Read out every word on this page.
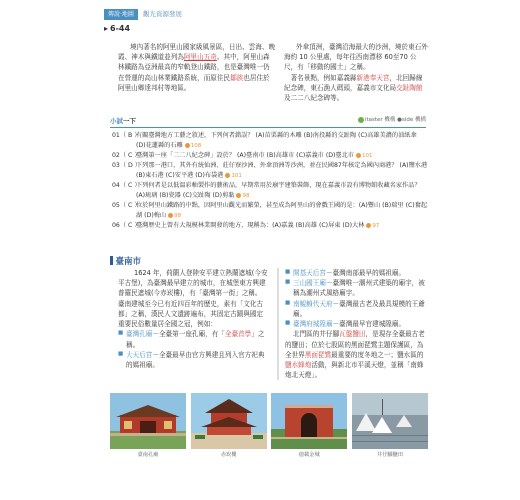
傳說‧地圖 觀光資源發展
▸ 6-44

境內著名的阿里山國家級風景區，日出、雲海、晚霞、神木與鐵道並列為阿里山五奇。其中，阿里山森林鐵路為亞洲最高的窄軌登山鐵路，也是臺灣唯一仍在營運的高山林業鐵路系統，而原住民鄒族也居住於阿里山鄉達邦村等地區。

外傘頂洲，臺灣沿海最大的沙洲，境於東石外海約 10 公里處，每年往西南漂移 60至70 公尺，有「移動的國土」之稱。
　著名景點，例如嘉義縣新港奉天宮，北回歸線紀念碑，東石漁人碼頭，嘉義市文化局交趾陶館及二二八紀念碑等。

小試一下	itaster 機構 ●side 機構
01（ B ）
有關臺灣地方工藝之敘述，下列何者錯誤？ (A)苗栗縣的木雕 (B)南投縣的交趾陶 (C)高雄美濃的油紙傘 (D)花蓮縣的石雕 108
02（ C ）
臺灣第一座「二二八紀念碑」設於？ (A)臺南市 (B)高雄市 (C)嘉義市 (D)臺北市 101
03（ D ）
下列那一港口，其外有統仙洲、莊仔寮沙洲、外傘頂洲等沙洲，並在民國87年核定為國內商港？ (A)鹽水港 (B)東石港 (C)安平港 (D)布袋港 101
04（ C ）
下列何者是以低溫彩釉製作的藝術品，早期常用於廟宇建築裝飾，現在嘉義市設有博物館收藏名家作品？ (A)琉璃 (B)瓷器 (C)交趾陶 (D)剪黏 98
05（ C ）
位於阿里山鐵路的中點，因阿里山觀光而繁榮，甚至成為阿里山的會戲王國的是：(A)豐山 (B)瑞里 (C)奮起湖 (D)梅山 98
06（ C ）
臺灣歷史上曾有大規模林業開發的地方，現稱為：(A)嘉義 (B)高雄 (C)屏東 (D)大林 97
臺南市

1624 年，荷蘭人登陸安平建立熱蘭遮城(今安平古堡)，為臺灣最早建立的城市，在城堡東方興建普羅民遮城(今赤崁樓)，有「臺灣第一街」之稱。臺南建城至今已有近四百年的歷史，素有「文化古都」之稱，漢民人文遺跡遍布，其固定古蹟與國定重要民俗數量居全國之冠，例如：

■ 臺灣孔廟－全臺第一座孔廟，有「全臺首學」之稱。
■ 大天后宮－全臺最早由官方興建且列入官方祀典的媽祖廟。
■ 開基天后宮－臺灣南部最早的媽祖廟。
■ 三山國王廟－臺灣唯一潮州式建築的廟宇，被稱為潮州式風格廟宇。
■ 南鯤鯓代天府－臺灣最古老及最具規模的王爺廟。
■ 臺灣府城隍廟－臺灣最早官建城隍廟。

北門區的井仔腳瓦盤鹽田，是現存全臺最古老的鹽田；位於七股區的黑面琵鷺主題保護區，為全世界黑面琵鷺最重要的度冬地之一；鹽水區的鹽水蜂炮活動，與新北市平溪天燈，並稱「南蜂炮北天燈」。

臺南孔廟	赤崁樓	億載金城	井仔腳鹽田
